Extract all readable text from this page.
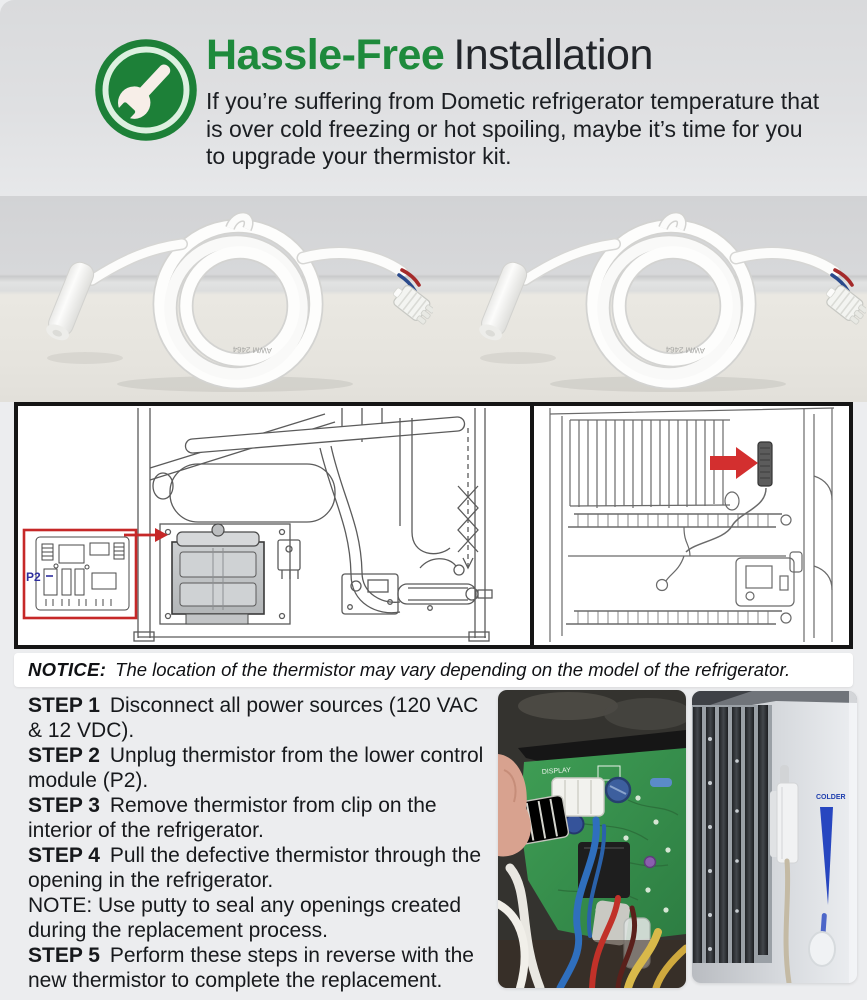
Hassle-Free Installation

If you’re suffering from Dometic refrigerator temperature that is over cold freezing or hot spoiling, maybe it’s time for you to upgrade your thermistor kit.

AWM 2464	AWM 2464
P2
NOTICE: The location of the thermistor may vary depending on the model of the refrigerator.

STEP 1 Disconnect all power sources (120 VAC & 12 VDC).

STEP 2 Unplug thermistor from the lower control module (P2).

STEP 3 Remove thermistor from clip on the interior of the refrigerator.

STEP 4 Pull the defective thermistor through the opening in the refrigerator.

NOTE: Use putty to seal any openings created during the replacement process.

STEP 5 Perform these steps in reverse with the new thermistor to complete the replacement.

DISPLAY
COLDER
